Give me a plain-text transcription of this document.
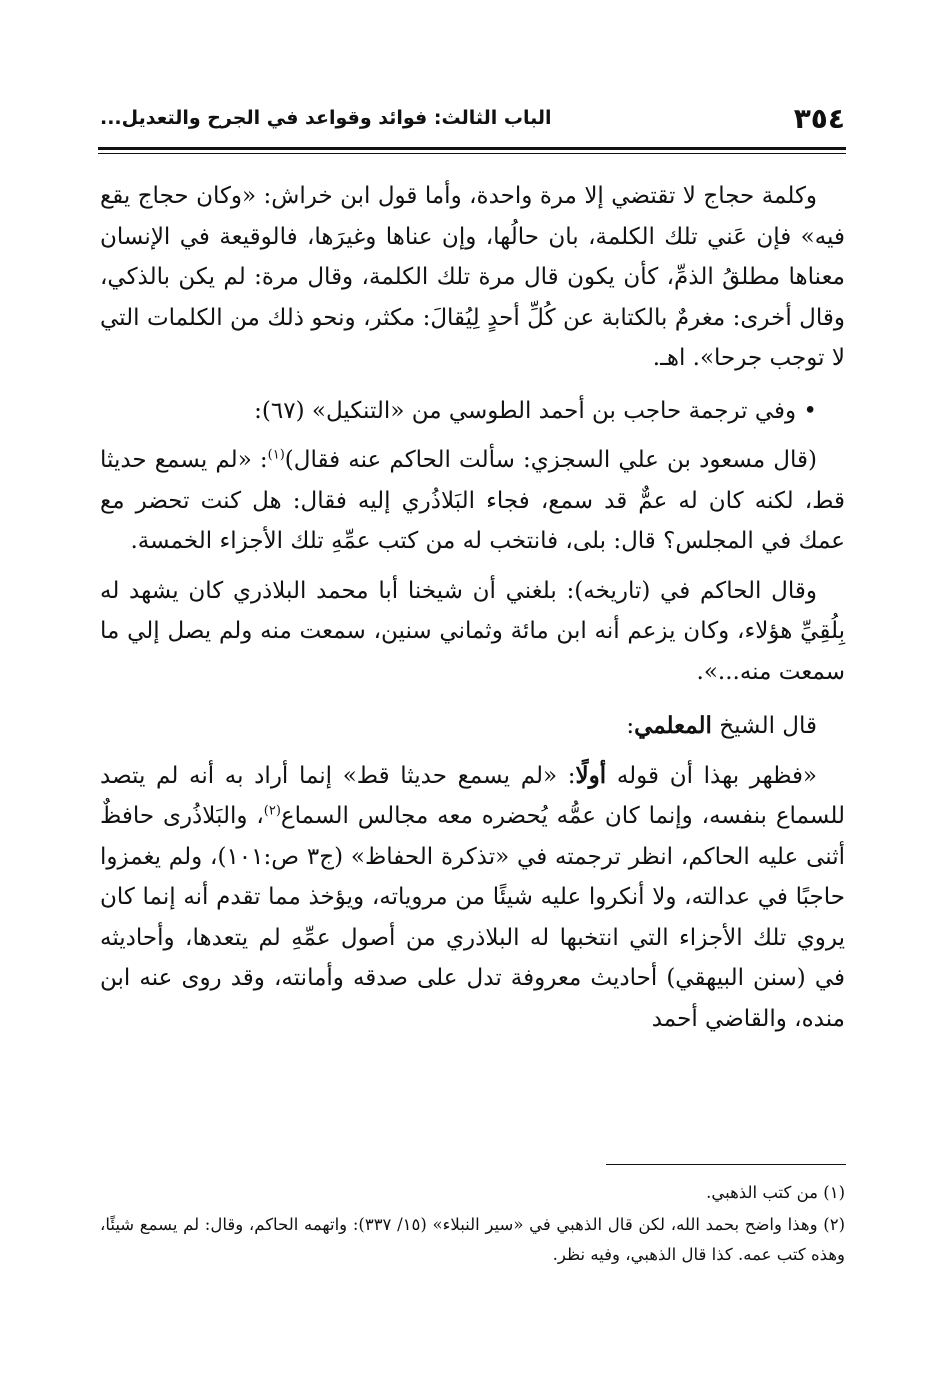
٣٥٤
الباب الثالث: فوائد وقواعد في الجرح والتعديل...

وكلمة حجاج لا تقتضي إلا مرة واحدة، وأما قول ابن خراش: «وكان حجاج يقع فيه» فإن عَني تلك الكلمة، بان حالُها، وإن عناها وغيرَها، فالوقيعة في الإنسان معناها مطلقُ الذمِّ، كأن يكون قال مرة تلك الكلمة، وقال مرة: لم يكن بالذكي، وقال أخرى: مغرمٌ بالكتابة عن كُلِّ أحدٍ لِيُقالَ: مكثر، ونحو ذلك من الكلمات التي لا توجب جرحا». اهـ.

• وفي ترجمة حاجب بن أحمد الطوسي من «التنكيل» (٦٧):

(قال مسعود بن علي السجزي: سألت الحاكم عنه فقال)$^{(١)}$: «لم يسمع حديثا قط، لكنه كان له عمٌّ قد سمع، فجاء البَلاذُري إليه فقال: هل كنت تحضر مع عمك في المجلس؟ قال: بلى، فانتخب له من كتب عمِّهِ تلك الأجزاء الخمسة.

وقال الحاكم في (تاريخه): بلغني أن شيخنا أبا محمد البلاذري كان يشهد له بِلُقِيِّ هؤلاء، وكان يزعم أنه ابن مائة وثماني سنين، سمعت منه ولم يصل إلي ما سمعت منه...».

قال الشيخ المعلمي:

«فظهر بهذا أن قوله أولًا: «لم يسمع حديثا قط» إنما أراد به أنه لم يتصد للسماع بنفسه، وإنما كان عمُّه يُحضره معه مجالس السماع$^{(٢)}$، والبَلاذُرى حافظٌ أثنى عليه الحاكم، انظر ترجمته في «تذكرة الحفاظ» (ج٣ ص:١٠١)، ولم يغمزوا حاجبًا في عدالته، ولا أنكروا عليه شيئًا من مروياته، ويؤخذ مما تقدم أنه إنما كان يروي تلك الأجزاء التي انتخبها له البلاذري من أصول عمِّهِ لم يتعدها، وأحاديثه في (سنن البيهقي) أحاديث معروفة تدل على صدقه وأمانته، وقد روى عنه ابن منده، والقاضي أحمد

(١) من كتب الذهبي.

(٢) وهذا واضح بحمد الله، لكن قال الذهبي في «سير النبلاء» (١٥/ ٣٣٧): واتهمه الحاكم، وقال: لم يسمع شيئًا، وهذه كتب عمه. كذا قال الذهبي، وفيه نظر.
